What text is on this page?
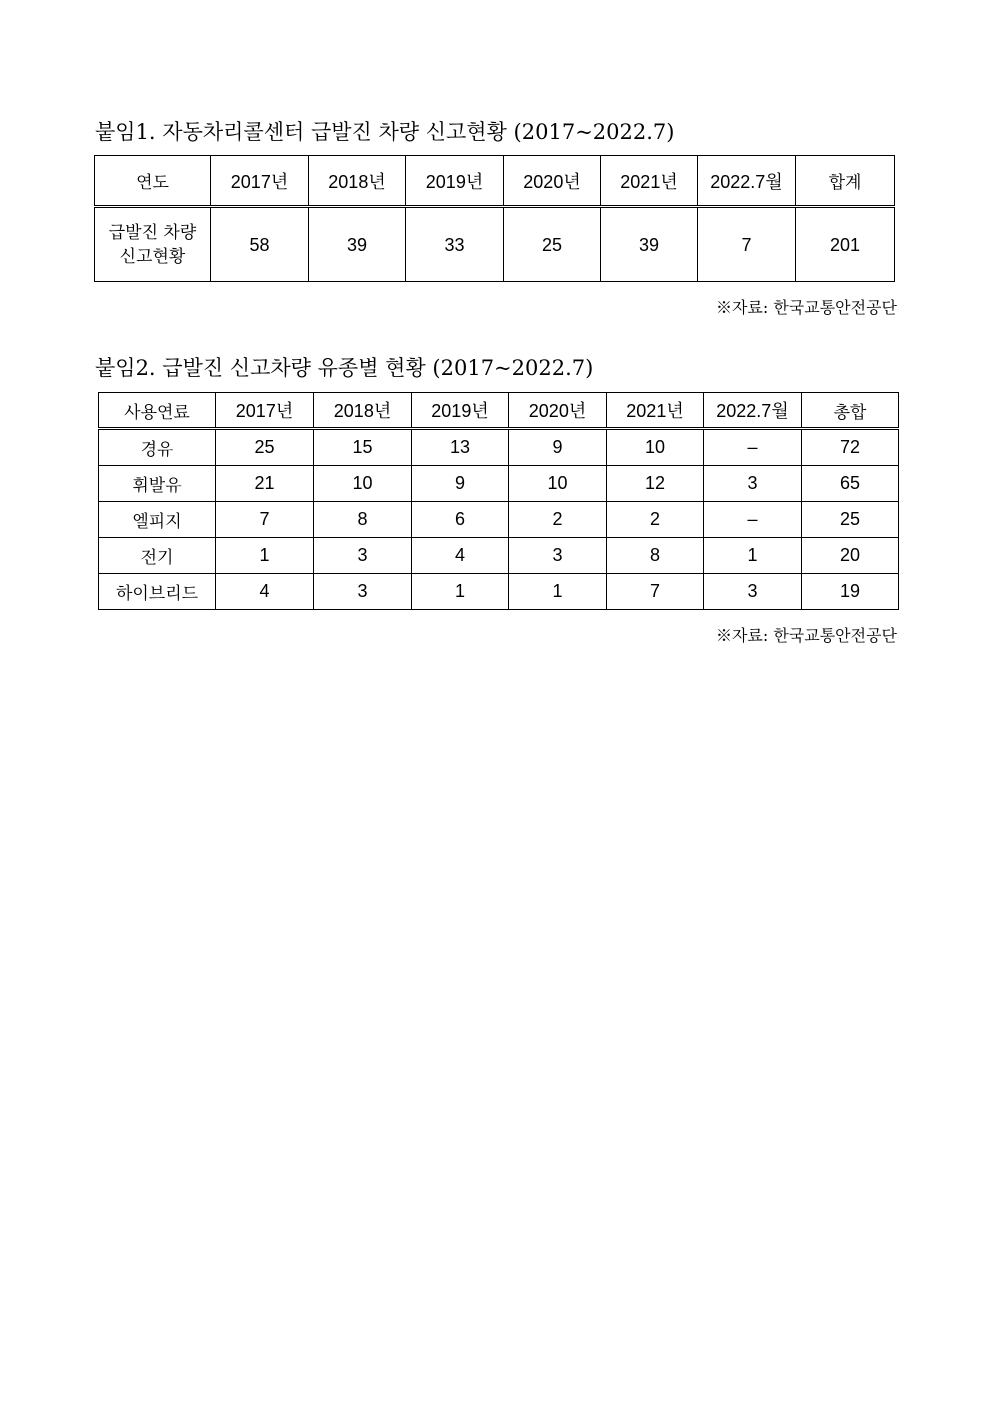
붙임1. 자동차리콜센터 급발진 차량 신고현황 (2017~2022.7)
연도	2017년	2018년	2019년	2020년	2021년	2022.7월	합계

급발진 차량
신고현황	58	39	33	25	39	7	201
※자료: 한국교통안전공단
붙임2. 급발진 신고차량 유종별 현황 (2017~2022.7)
사용연료	2017년	2018년	2019년	2020년	2021년	2022.7월	총합
경유	25	15	13	9	10	–	72
휘발유	21	10	9	10	12	3	65
엘피지	7	8	6	2	2	–	25
전기	1	3	4	3	8	1	20
하이브리드	4	3	1	1	7	3	19
※자료: 한국교통안전공단
